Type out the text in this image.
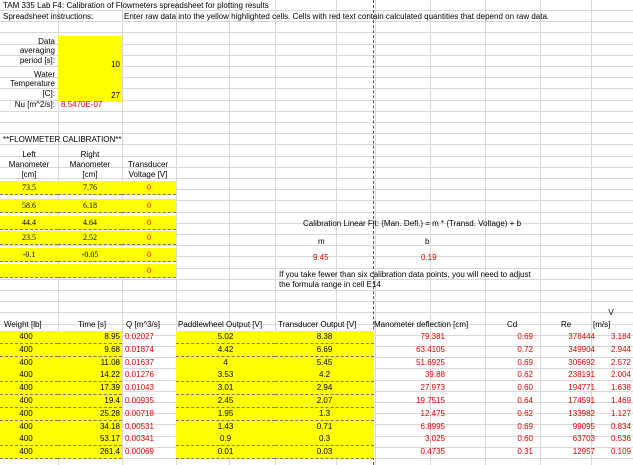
TAM 335 Lab F4: Calibration of Flowmeters spreadsheet for plotting results
Spreadsheet instructions:	Enter raw data into the yellow highlighted cells. Cells with red text contain calculated quantities that depend on raw data.
Data
averaging
period [s]:	10
Water
Temperature
[C]:	27
Nu [m^2/s]: 8.5470E-07
**FLOWMETER CALIBRATION**
Left
Manometer
[cm]
Right
Manometer
[cm]
Transducer
Voltage [V]
73.5	7.76	0
58.6	6.18	0
44.4	4.64	0
23.5	2.52	0
-0.1	-0.05	0
0
Calibration Linear Fit: (Man. Defl.) = m * (Transd. Voltage) + b
m	b
9.45	0.19
If you take fewer than six calibration data points, you will need to adjust
the formula range in cell E14
Weight [lb]	Time [s] Q [m^3/s] Paddlewheel Output [V] Transducer Output [V] Manometer deflection [cm]	Cd	Re
V
[m/s]
400	8.95 0.02027	5.02	8.38	79.381	0.69	378444	3.184
400	9.68 0.01874	4.42	6.69	63.4105	0.72	349904	2.944
400	11.08 0.01637	4	5.45	51.6925	0.69	305692	2.572
400	14.22 0.01276	3.53	4.2	39.88	0.62	238191	2.004
400	17.39 0.01043	3.01	2.94	27.973	0.60	194771	1.638
400	19.4 0.00935	2.45	2.07	19.7515	0.64	174591	1.469
400	25.28 0.00718	1.95	1.3	12.475	0.62	133982	1.127
400	34.18 0.00531	1.43	0.71	6.8995	0.69	99095	0.834
400	53.17 0.00341	0.9	0.3	3.025	0.60	63703	0.536
400	261.4 0.00069	0.01	0.03	0.4735	0.31	12957	0.109
